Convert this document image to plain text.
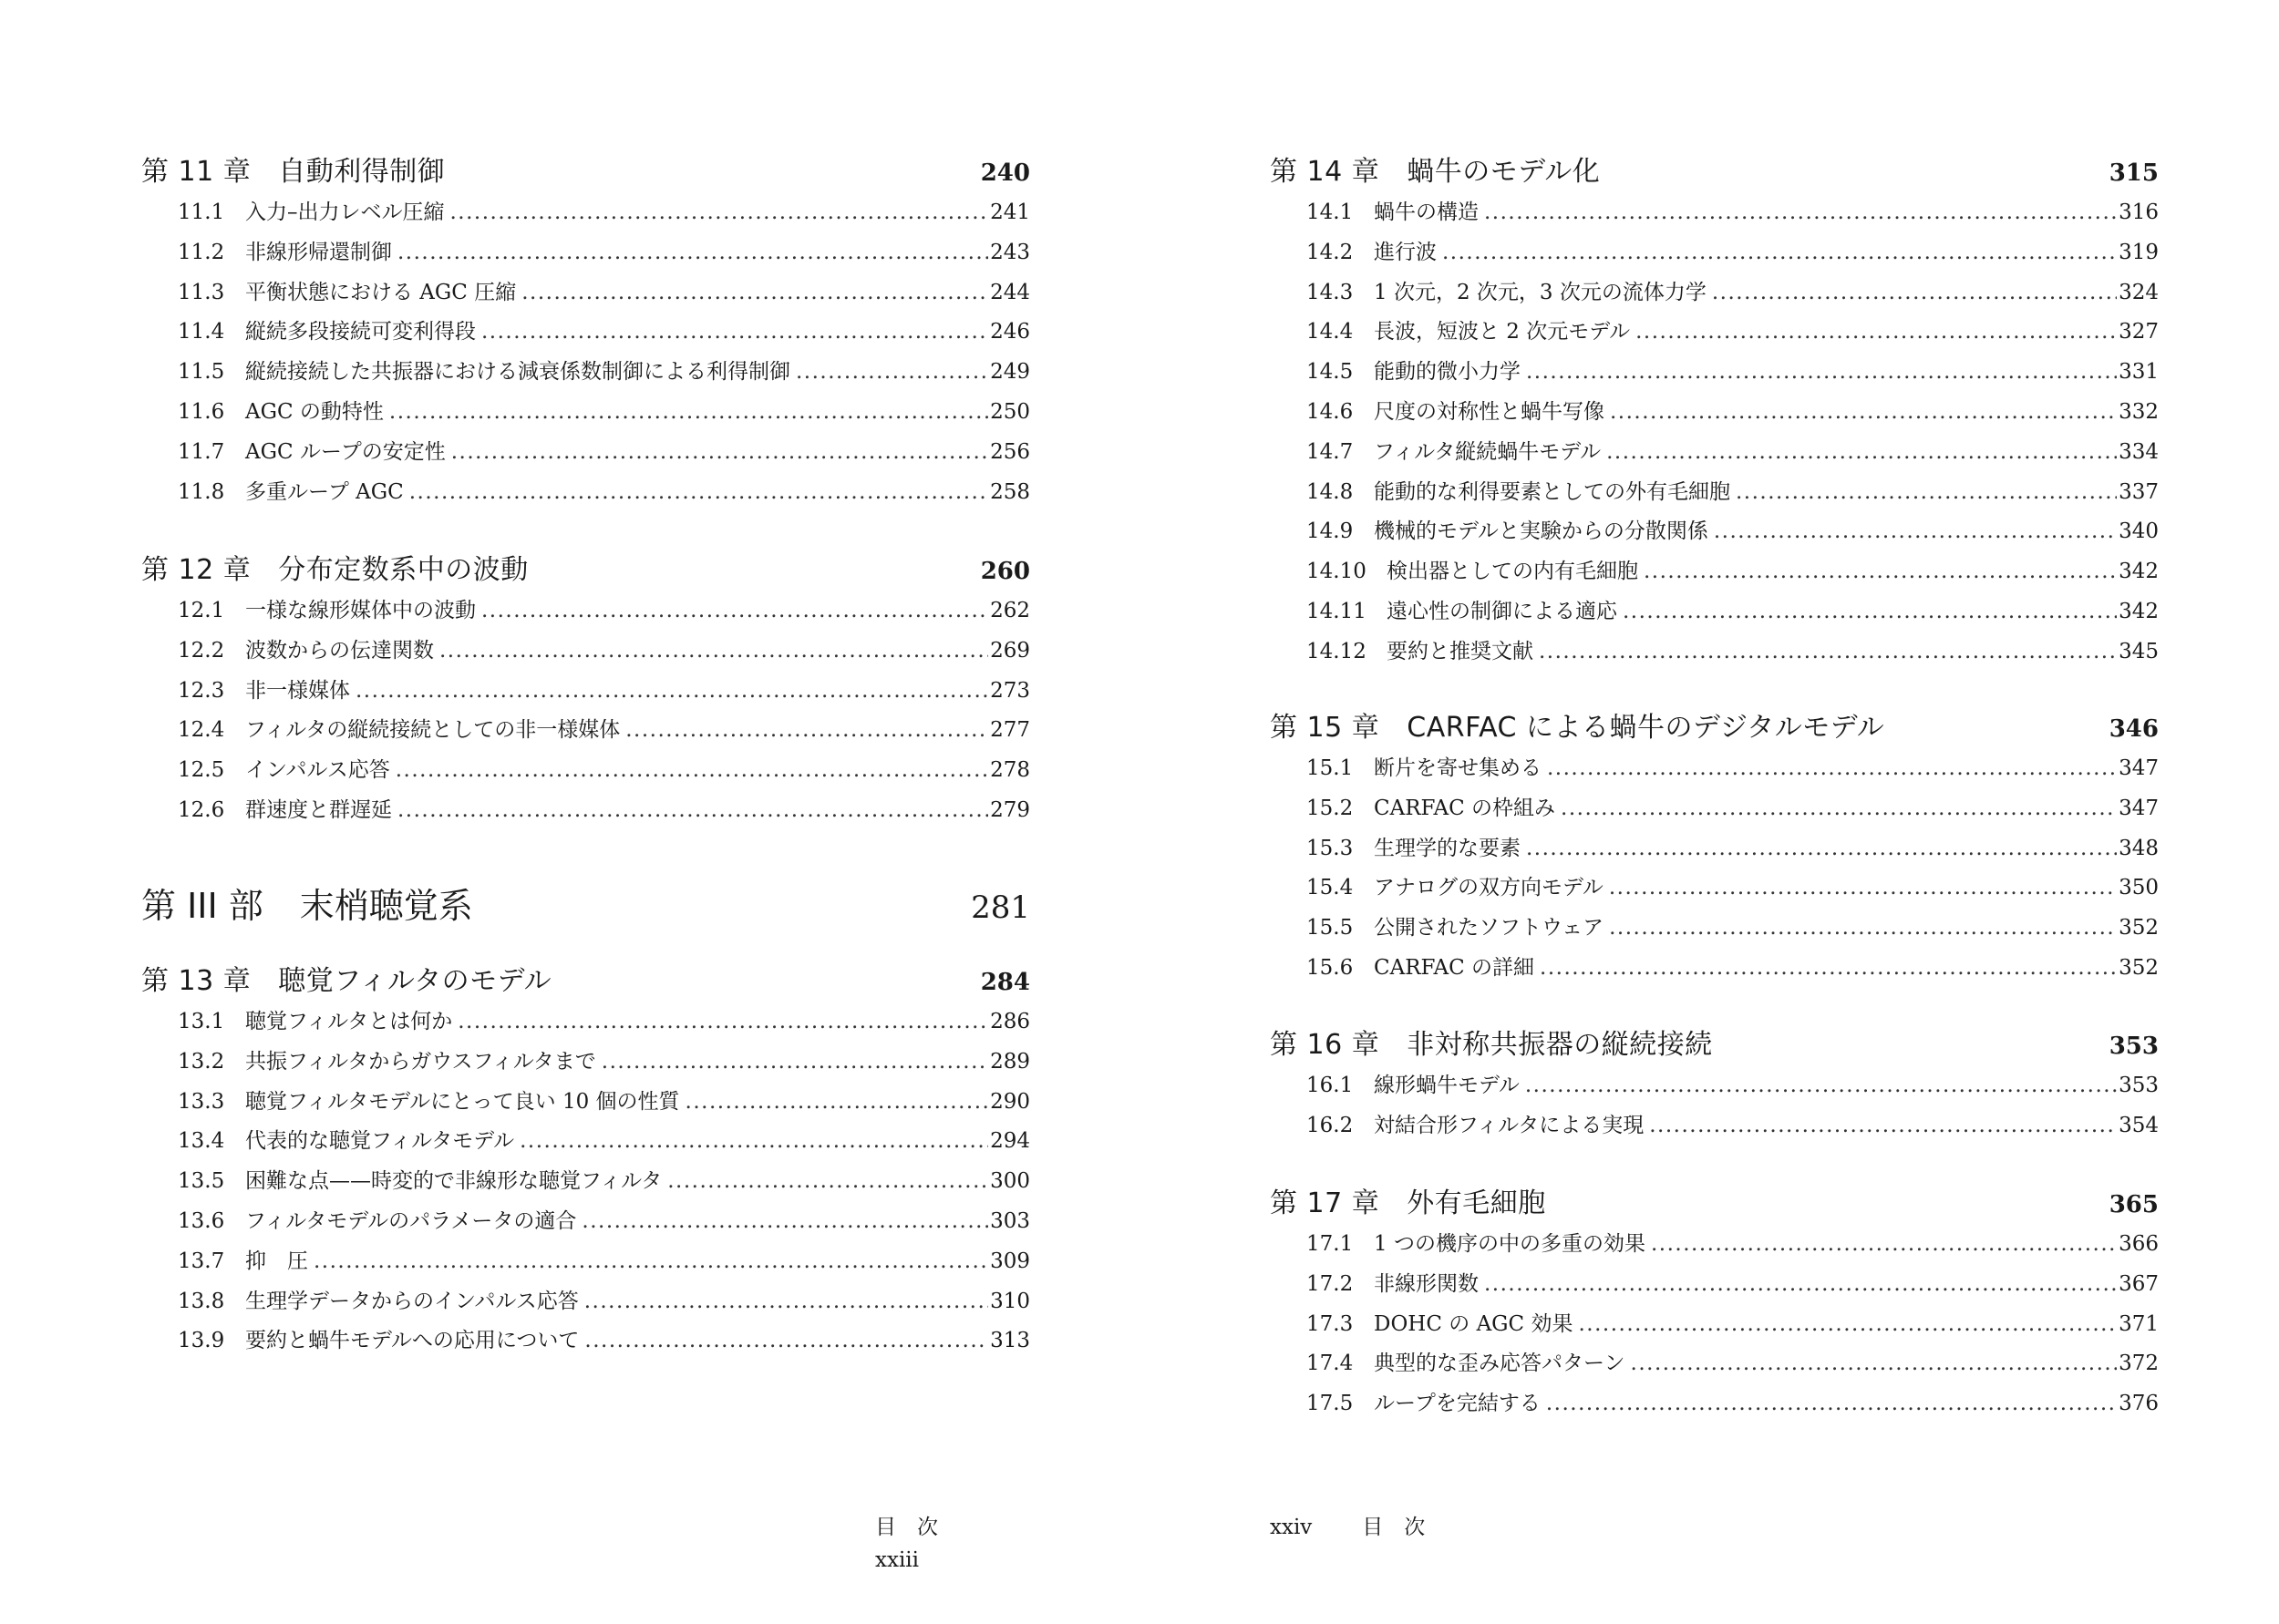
第 11 章 自動利得制御	240
11.1 入力–出力レベル圧縮 .....	241
11.2 非線形帰還制御 .....	243
11.3 平衡状態における AGC 圧縮 .....	244
11.4 縦続多段接続可変利得段 .....	246
11.5 縦続接続した共振器における減衰係数制御による利得制御 .....	249
11.6 AGC の動特性 .....	250
11.7 AGC ループの安定性 .....	256
11.8 多重ループ AGC .....	258
第 12 章 分布定数系中の波動	260
12.1 一様な線形媒体中の波動 .....	262
12.2 波数からの伝達関数 .....	269
12.3 非一様媒体 .....	273
12.4 フィルタの縦続接続としての非一様媒体 .....	277
12.5 インパルス応答 .....	278
12.6 群速度と群遅延 .....	279
第 III 部 末梢聴覚系	281
第 13 章 聴覚フィルタのモデル	284
13.1 聴覚フィルタとは何か .....	286
13.2 共振フィルタからガウスフィルタまで .....	289
13.3 聴覚フィルタモデルにとって良い 10 個の性質 .....	290
13.4 代表的な聴覚フィルタモデル .....	294
13.5 困難な点——時変的で非線形な聴覚フィルタ .....	300
13.6 フィルタモデルのパラメータの適合 .....	303
13.7 抑　圧 .....	309
13.8 生理学データからのインパルス応答 .....	310
13.9 要約と蝸牛モデルへの応用について .....	313
目　次xxiii
第 14 章 蝸牛のモデル化	315
14.1 蝸牛の構造 .....	316
14.2 進行波 .....	319
14.3 1 次元，2 次元，3 次元の流体力学 .....	324
14.4 長波，短波と 2 次元モデル .....	327
14.5 能動的微小力学 .....	331
14.6 尺度の対称性と蝸牛写像 .....	332
14.7 フィルタ縦続蝸牛モデル .....	334
14.8 能動的な利得要素としての外有毛細胞 .....	337
14.9 機械的モデルと実験からの分散関係 .....	340
14.10 検出器としての内有毛細胞 .....	342
14.11 遠心性の制御による適応 .....	342
14.12 要約と推奨文献 .....	345
第 15 章 CARFAC による蝸牛のデジタルモデル	346
15.1 断片を寄せ集める .....	347
15.2 CARFAC の枠組み .....	347
15.3 生理学的な要素 .....	348
15.4 アナログの双方向モデル .....	350
15.5 公開されたソフトウェア .....	352
15.6 CARFAC の詳細 .....	352
第 16 章 非対称共振器の縦続接続	353
16.1 線形蝸牛モデル .....	353
16.2 対結合形フィルタによる実現 .....	354
第 17 章 外有毛細胞	365
17.1 1 つの機序の中の多重の効果 .....	366
17.2 非線形関数 .....	367
17.3 DOHC の AGC 効果 .....	371
17.4 典型的な歪み応答パターン .....	372
17.5 ループを完結する .....	376
xxiv 目　次
